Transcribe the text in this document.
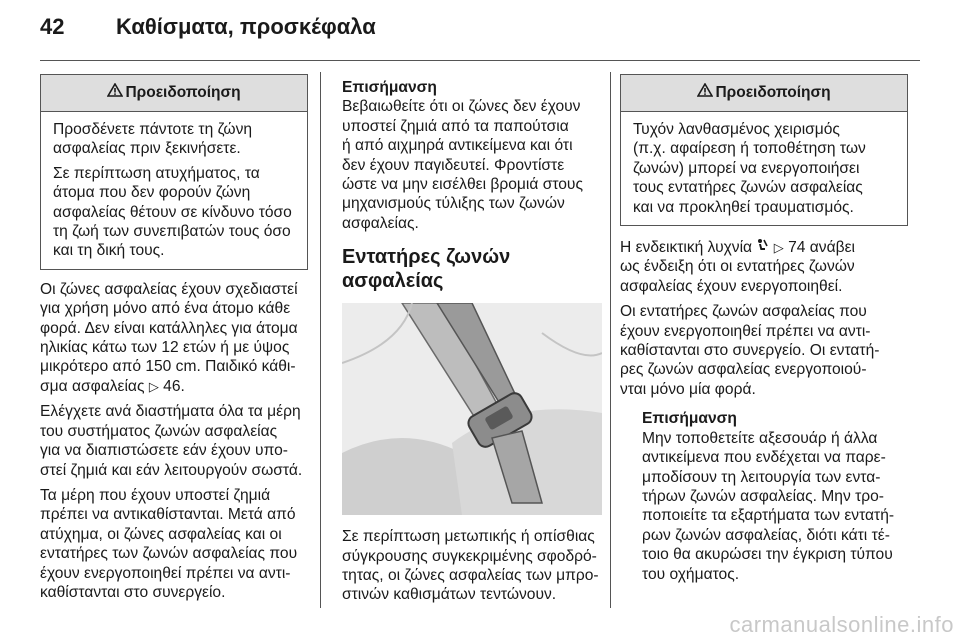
42 Καθίσματα, προσκέφαλα
Προειδοποίηση

Προσδένετε πάντοτε τη ζώνη
ασφαλείας πριν ξεκινήσετε.

Σε περίπτωση ατυχήματος, τα
άτομα που δεν φορούν ζώνη
ασφαλείας θέτουν σε κίνδυνο τόσο
τη ζωή των συνεπιβατών τους όσο
και τη δική τους.

Οι ζώνες ασφαλείας έχουν σχεδιαστεί
για χρήση μόνο από ένα άτομο κάθε
φορά. Δεν είναι κατάλληλες για άτομα
ηλικίας κάτω των 12 ετών ή με ύψος
μικρότερο από 150 cm. Παιδικό κάθι-
σμα ασφαλείας ▷ 46.

Ελέγχετε ανά διαστήματα όλα τα μέρη
του συστήματος ζωνών ασφαλείας
για να διαπιστώσετε εάν έχουν υπο-
στεί ζημιά και εάν λειτουργούν σωστά.

Τα μέρη που έχουν υποστεί ζημιά
πρέπει να αντικαθίστανται. Μετά από
ατύχημα, οι ζώνες ασφαλείας και οι
εντατήρες των ζωνών ασφαλείας που
έχουν ενεργοποιηθεί πρέπει να αντι-
καθίστανται στο συνεργείο.

Επισήμανση

Βεβαιωθείτε ότι οι ζώνες δεν έχουν
υποστεί ζημιά από τα παπούτσια
ή από αιχμηρά αντικείμενα και ότι
δεν έχουν παγιδευτεί. Φροντίστε
ώστε να μην εισέλθει βρομιά στους
μηχανισμούς τύλιξης των ζωνών
ασφαλείας.

Εντατήρες ζωνών ασφαλείας

Σε περίπτωση μετωπικής ή οπίσθιας
σύγκρουσης συγκεκριμένης σφοδρό-
τητας, οι ζώνες ασφαλείας των μπρο-
στινών καθισμάτων τεντώνουν.

Προειδοποίηση

Τυχόν λανθασμένος χειρισμός
(π.χ. αφαίρεση ή τοποθέτηση των
ζωνών) μπορεί να ενεργοποιήσει
τους εντατήρες ζωνών ασφαλείας
και να προκληθεί τραυματισμός.

Η ενδεικτική λυχνία ▷ 74 ανάβει
ως ένδειξη ότι οι εντατήρες ζωνών
ασφαλείας έχουν ενεργοποιηθεί.

Οι εντατήρες ζωνών ασφαλείας που
έχουν ενεργοποιηθεί πρέπει να αντι-
καθίστανται στο συνεργείο. Οι εντατή-
ρες ζωνών ασφαλείας ενεργοποιού-
νται μόνο μία φορά.

Επισήμανση

Μην τοποθετείτε αξεσουάρ ή άλλα
αντικείμενα που ενδέχεται να παρε-
μποδίσουν τη λειτουργία των εντα-
τήρων ζωνών ασφαλείας. Μην τρο-
ποποιείτε τα εξαρτήματα των εντατή-
ρων ζωνών ασφαλείας, διότι κάτι τέ-
τοιο θα ακυρώσει την έγκριση τύπου
του οχήματος.

carmanualsonline.info
